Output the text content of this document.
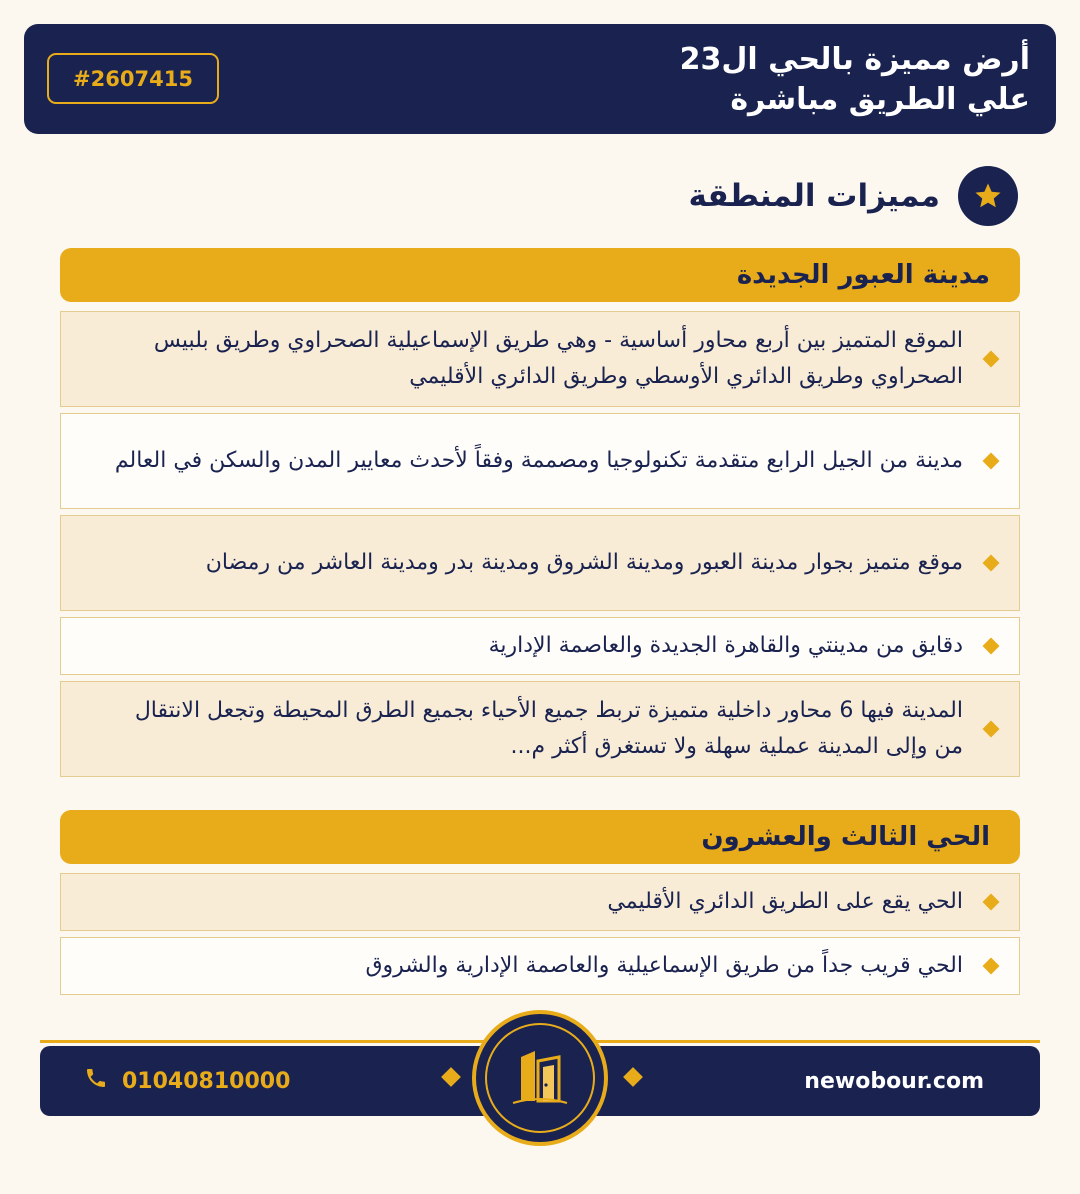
أرض مميزة بالحي ال23
علي الطريق مباشرة
#2607415
مميزات المنطقة
مدينة العبور الجديدة
الموقع المتميز بين أربع محاور أساسية - وهي طريق الإسماعيلية الصحراوي وطريق بلبيس الصحراوي وطريق الدائري الأوسطي وطريق الدائري الأقليمي
مدينة من الجيل الرابع متقدمة تكنولوجيا ومصممة وفقاً لأحدث معايير المدن والسكن في العالم
موقع متميز بجوار مدينة العبور ومدينة الشروق ومدينة بدر ومدينة العاشر من رمضان
دقايق من مدينتي والقاهرة الجديدة والعاصمة الإدارية
المدينة فيها 6 محاور داخلية متميزة تربط جميع الأحياء بجميع الطرق المحيطة وتجعل الانتقال من وإلى المدينة عملية سهلة ولا تستغرق أكثر م...
الحي الثالث والعشرون
الحي يقع على الطريق الدائري الأقليمي
الحي قريب جداً من طريق الإسماعيلية والعاصمة الإدارية والشروق
01040810000	newobour.com
